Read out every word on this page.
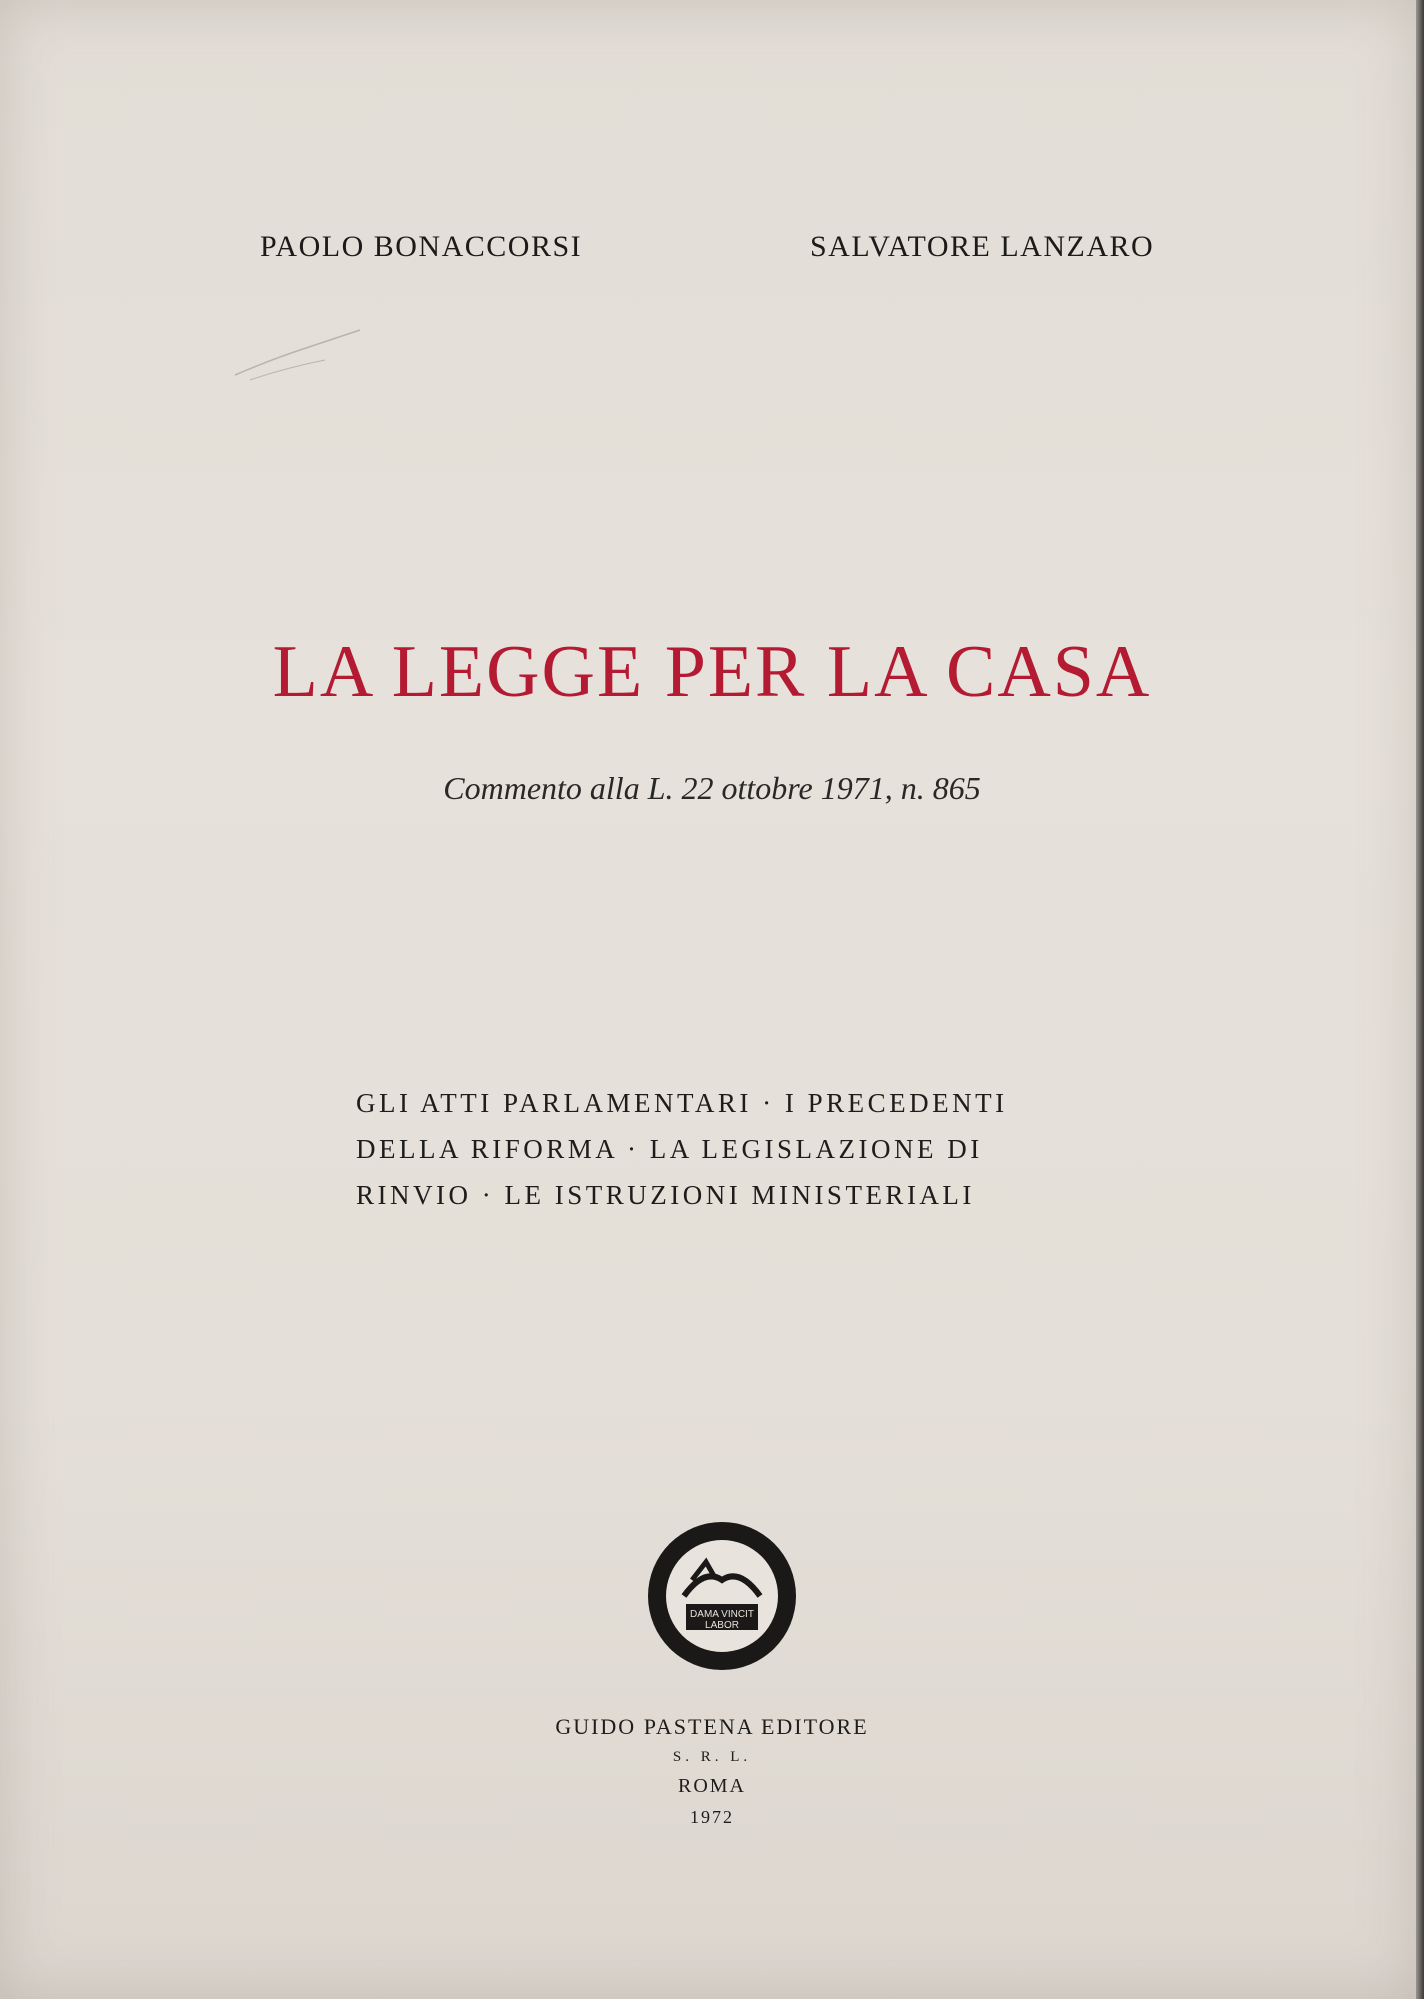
PAOLO BONACCORSI	SALVATORE LANZARO
LA LEGGE PER LA CASA
Commento alla L. 22 ottobre 1971, n. 865
GLI ATTI PARLAMENTARI · I PRECEDENTI
DELLA RIFORMA · LA LEGISLAZIONE DI
RINVIO · LE ISTRUZIONI MINISTERIALI
DAMA VINCIT
LABOR
GUIDO PASTENA EDITORE
S. R. L.
ROMA
1972
